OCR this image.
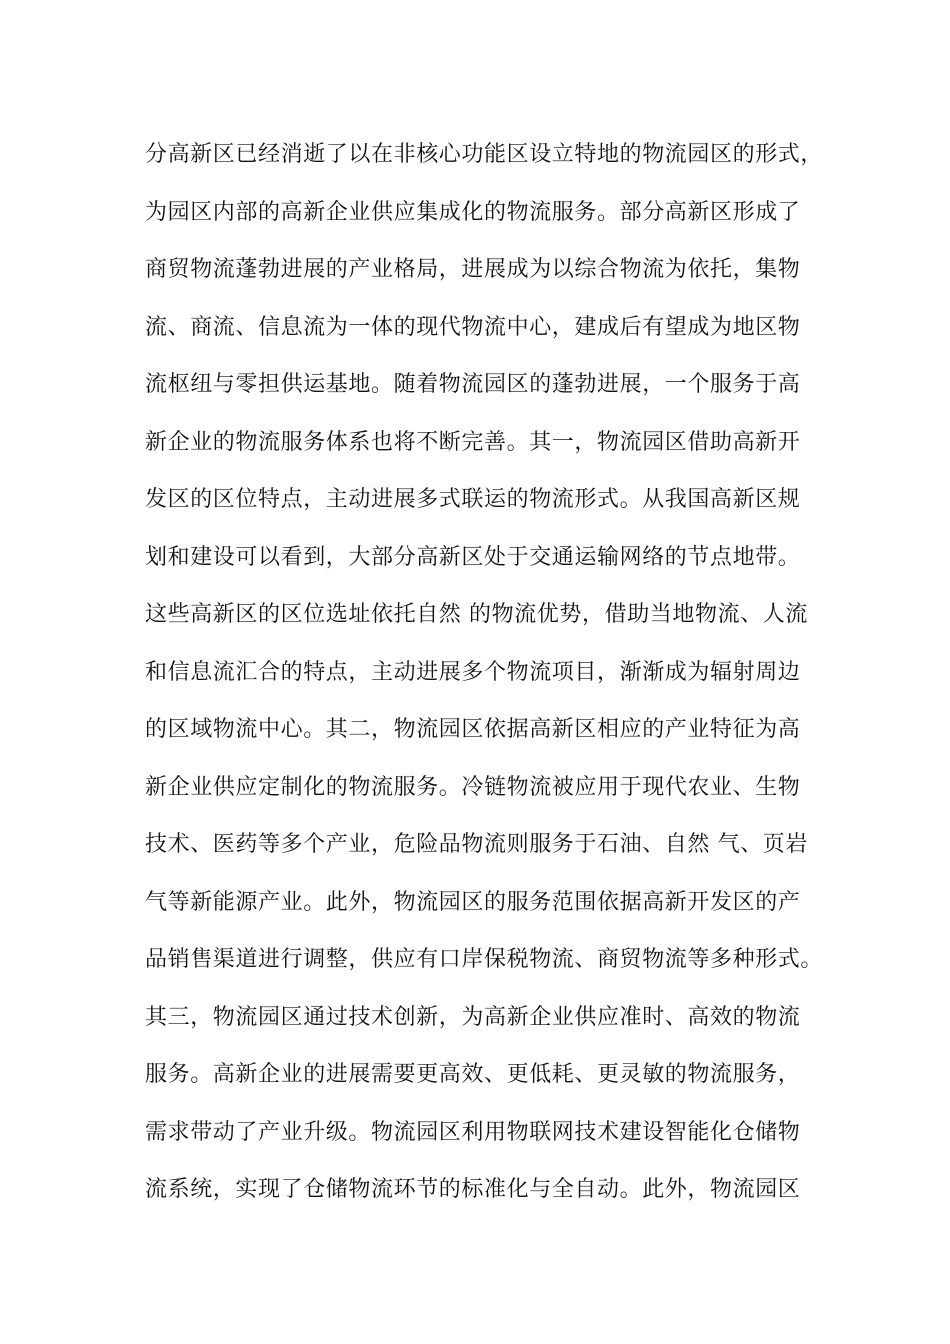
分高新区已经消逝了以在非核心功能区设立特地的物流园区的形式，
为园区内部的高新企业供应集成化的物流服务。部分高新区形成了
商贸物流蓬勃进展的产业格局，进展成为以综合物流为依托，集物
流、商流、信息流为一体的现代物流中心，建成后有望成为地区物
流枢纽与零担供运基地。随着物流园区的蓬勃进展，一个服务于高
新企业的物流服务体系也将不断完善。其一，物流园区借助高新开
发区的区位特点，主动进展多式联运的物流形式。从我国高新区规
划和建设可以看到，大部分高新区处于交通运输网络的节点地带。
这些高新区的区位选址依托自然 的物流优势，借助当地物流、人流
和信息流汇合的特点，主动进展多个物流项目，渐渐成为辐射周边
的区域物流中心。其二，物流园区依据高新区相应的产业特征为高
新企业供应定制化的物流服务。冷链物流被应用于现代农业、生物
技术、医药等多个产业，危险品物流则服务于石油、自然 气、页岩
气等新能源产业。此外，物流园区的服务范围依据高新开发区的产
品销售渠道进行调整，供应有口岸保税物流、商贸物流等多种形式。
其三，物流园区通过技术创新，为高新企业供应准时、高效的物流
服务。高新企业的进展需要更高效、更低耗、更灵敏的物流服务，
需求带动了产业升级。物流园区利用物联网技术建设智能化仓储物
流系统，实现了仓储物流环节的标准化与全自动。此外，物流园区
